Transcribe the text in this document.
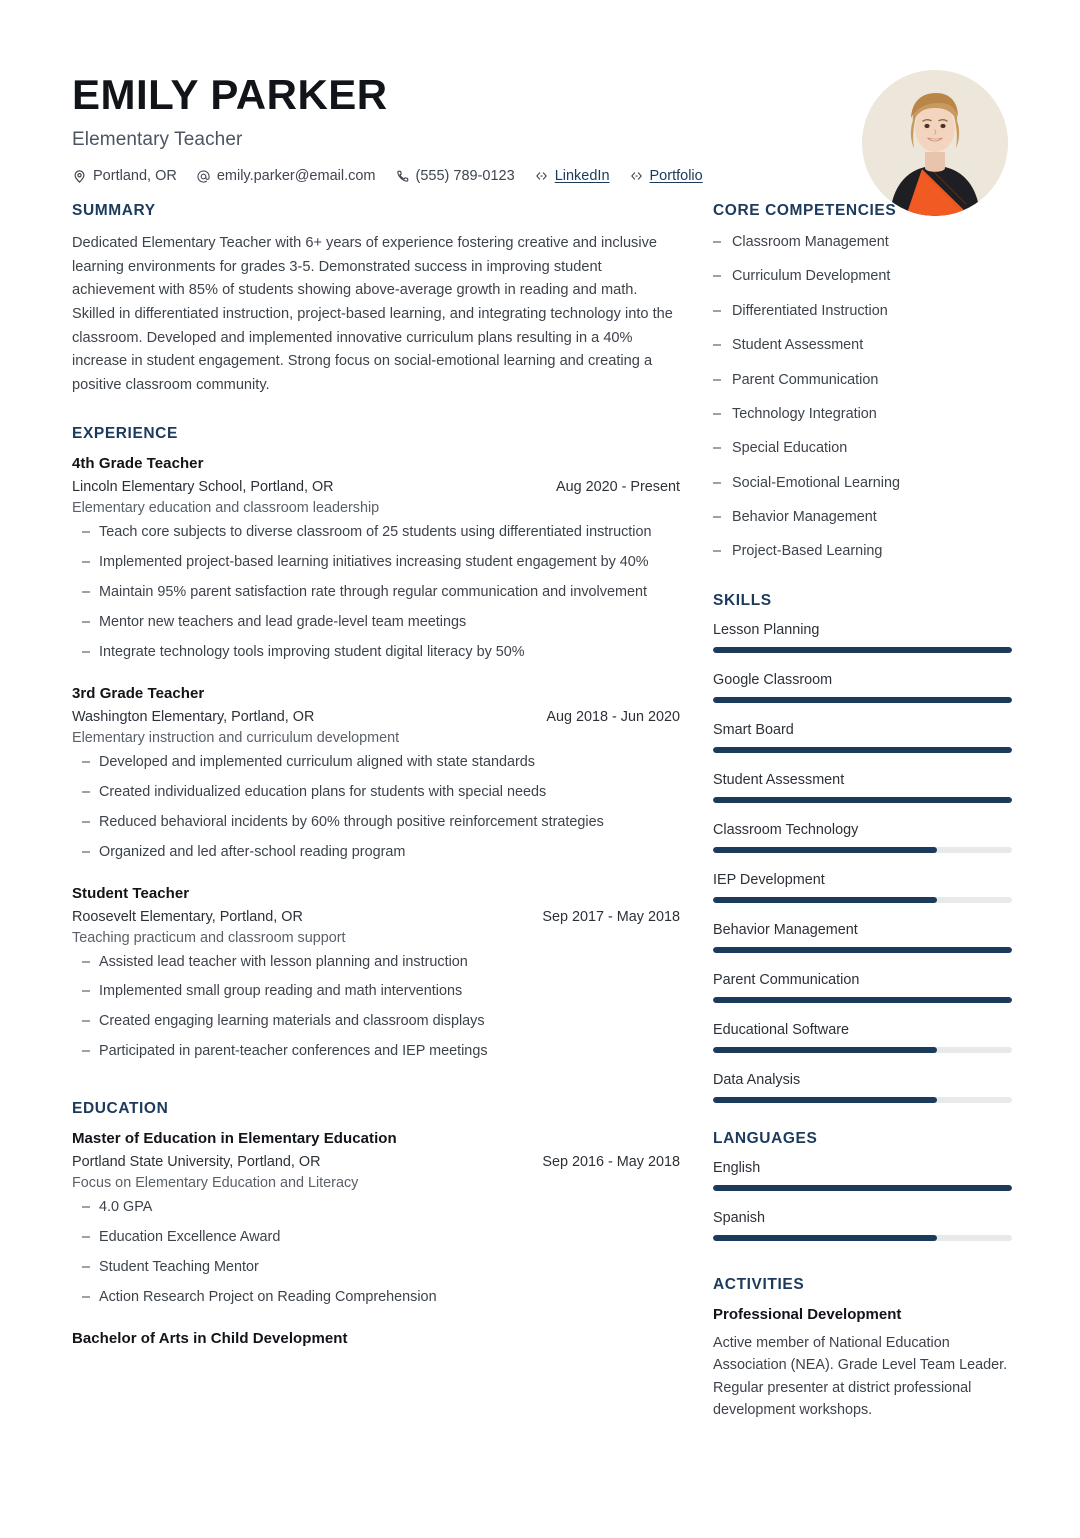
EMILY PARKER
Elementary Teacher
Portland, OR	emily.parker@email.com	(555) 789-0123	LinkedIn	Portfolio
SUMMARY
Dedicated Elementary Teacher with 6+ years of experience fostering creative and inclusive learning environments for grades 3-5. Demonstrated success in improving student achievement with 85% of students showing above-average growth in reading and math. Skilled in differentiated instruction, project-based learning, and integrating technology into the classroom. Developed and implemented innovative curriculum plans resulting in a 40% increase in student engagement. Strong focus on social-emotional learning and creating a positive classroom community.
EXPERIENCE
4th Grade Teacher
Lincoln Elementary School, Portland, OR	Aug 2020 - Present
Elementary education and classroom leadership
– Teach core subjects to diverse classroom of 25 students using differentiated instruction
– Implemented project-based learning initiatives increasing student engagement by 40%
– Maintain 95% parent satisfaction rate through regular communication and involvement
– Mentor new teachers and lead grade-level team meetings
– Integrate technology tools improving student digital literacy by 50%
3rd Grade Teacher
Washington Elementary, Portland, OR	Aug 2018 - Jun 2020
Elementary instruction and curriculum development
– Developed and implemented curriculum aligned with state standards
– Created individualized education plans for students with special needs
– Reduced behavioral incidents by 60% through positive reinforcement strategies
– Organized and led after-school reading program
Student Teacher
Roosevelt Elementary, Portland, OR	Sep 2017 - May 2018
Teaching practicum and classroom support
– Assisted lead teacher with lesson planning and instruction
– Implemented small group reading and math interventions
– Created engaging learning materials and classroom displays
– Participated in parent-teacher conferences and IEP meetings
EDUCATION
Master of Education in Elementary Education
Portland State University, Portland, OR	Sep 2016 - May 2018
Focus on Elementary Education and Literacy
– 4.0 GPA
– Education Excellence Award
– Student Teaching Mentor
– Action Research Project on Reading Comprehension
Bachelor of Arts in Child Development
CORE COMPETENCIES
– Classroom Management
– Curriculum Development
– Differentiated Instruction
– Student Assessment
– Parent Communication
– Technology Integration
– Special Education
– Social-Emotional Learning
– Behavior Management
– Project-Based Learning
SKILLS
Lesson Planning
Google Classroom
Smart Board
Student Assessment
Classroom Technology
IEP Development
Behavior Management
Parent Communication
Educational Software
Data Analysis
LANGUAGES
English
Spanish
ACTIVITIES
Professional Development
Active member of National Education Association (NEA). Grade Level Team Leader. Regular presenter at district professional development workshops.
